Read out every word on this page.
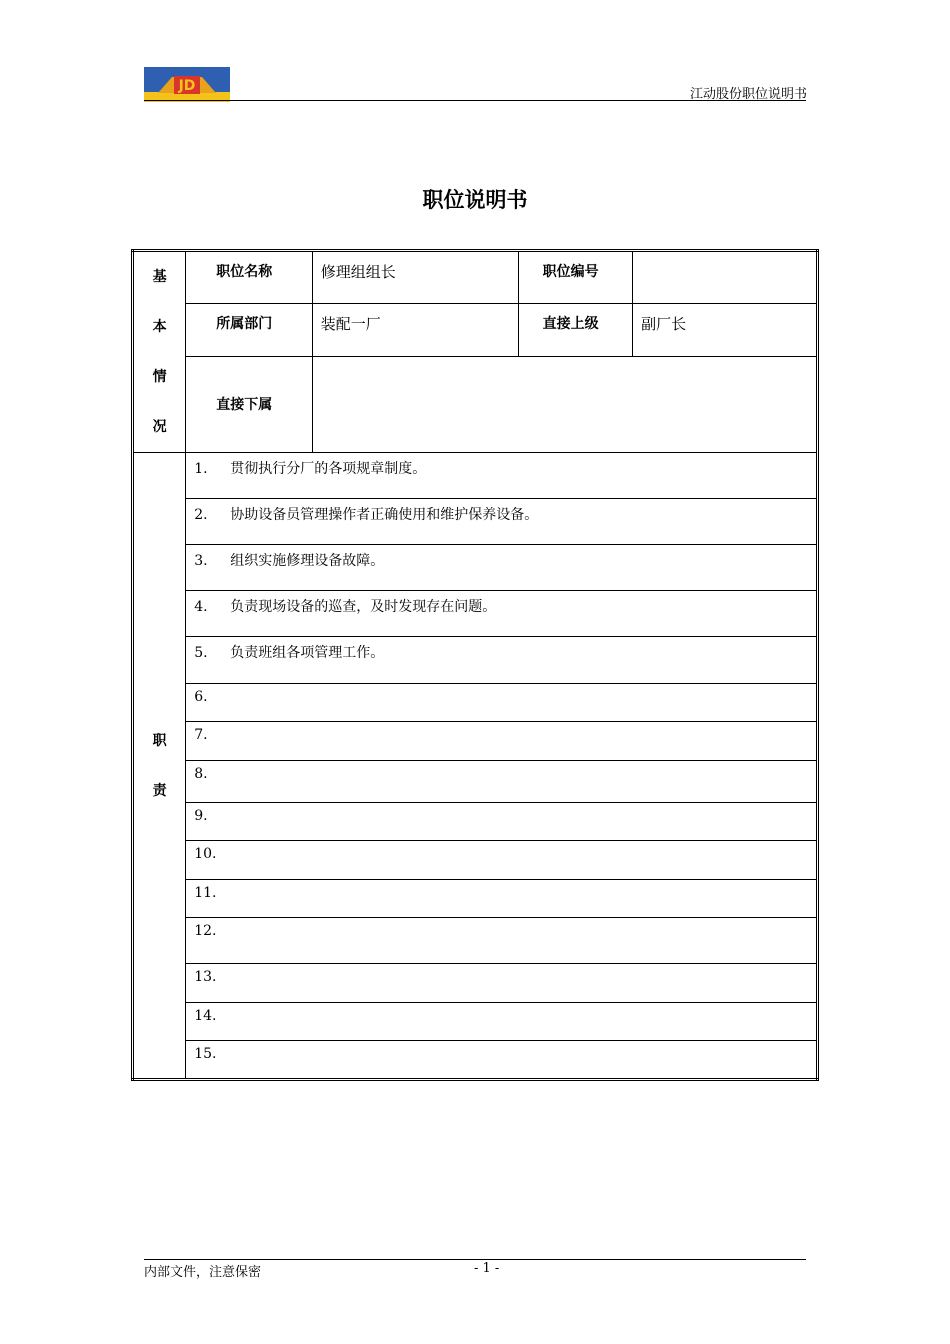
JD
江动股份职位说明书
职位说明书
基
本
情
况	职位名称	修理组组长	职位编号	
	所属部门	装配一厂	直接上级	副厂长
	直接下属			

职
责	1. 贯彻执行分厂的各项规章制度。			
	2. 协助设备员管理操作者正确使用和维护保养设备。			
	3. 组织实施修理设备故障。			
	4. 负责现场设备的巡查，及时发现存在问题。			
	5. 负责班组各项管理工作。			
	6.			
	7.			
	8.			
	9.			
	10.			
	11.			
	12.			
	13.			
	14.			
	15.			
内部文件，注意保密	- 1 -
